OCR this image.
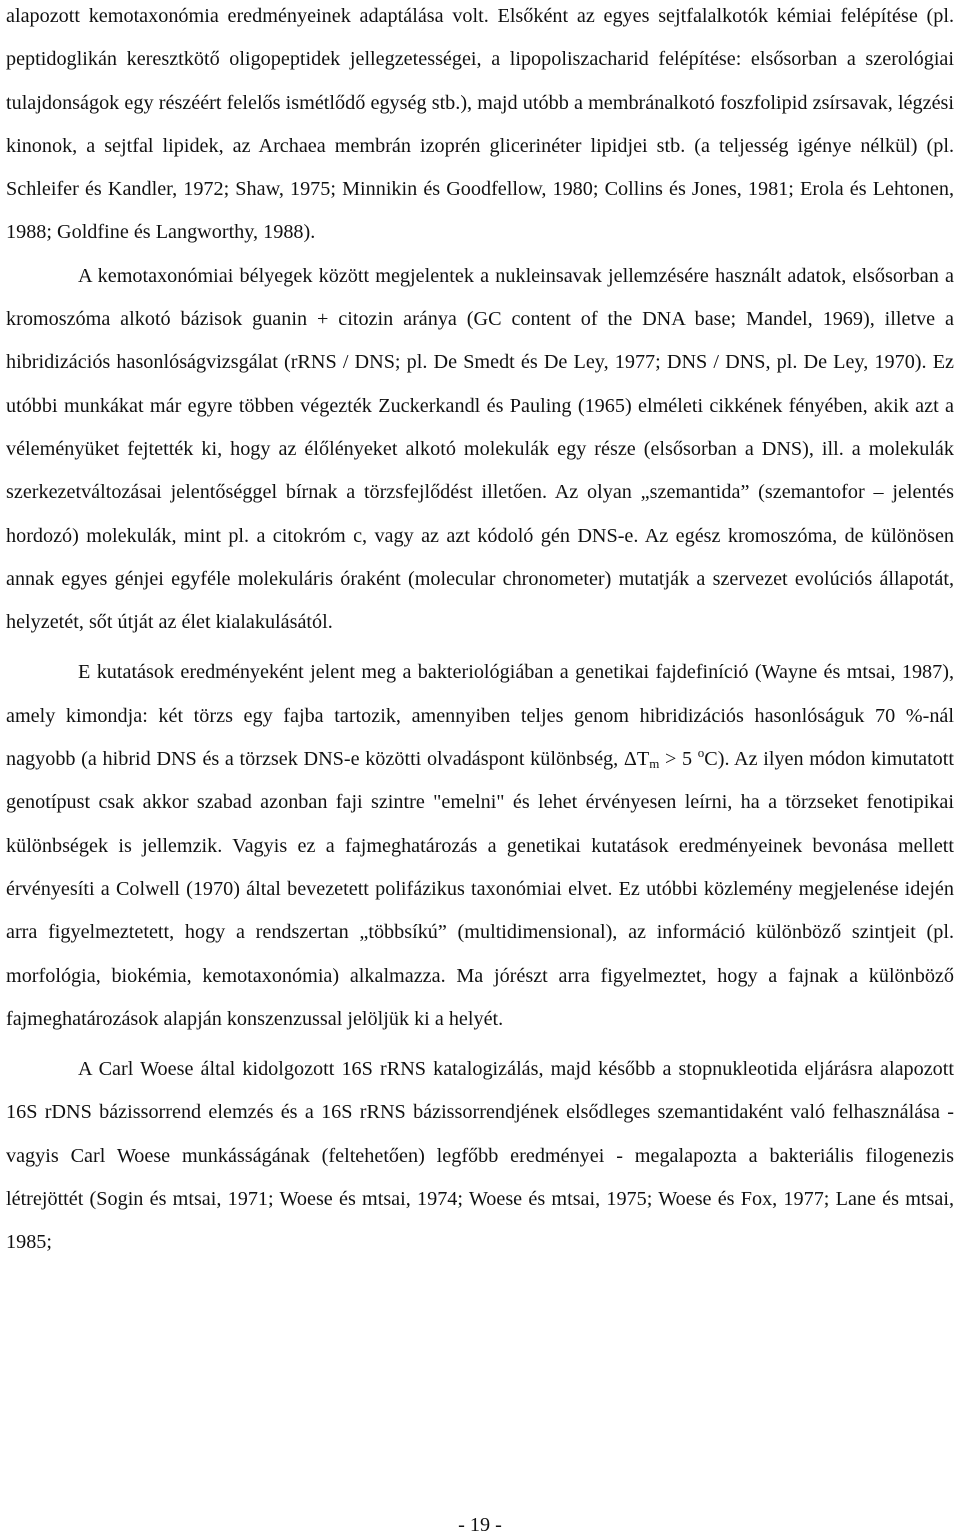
alapozott kemotaxonómia eredményeinek adaptálása volt. Elsőként az egyes sejtfalalkotók kémiai felépítése (pl. peptidoglikán keresztkötő oligopeptidek jellegzetességei, a lipopoliszacharid felépítése: elsősorban a szerológiai tulajdonságok egy részéért felelős ismétlődő egység stb.), majd utóbb a membránalkotó foszfolipid zsírsavak, légzési kinonok, a sejtfal lipidek, az Archaea membrán izoprén glicerinéter lipidjei stb. (a teljesség igénye nélkül) (pl. Schleifer és Kandler, 1972; Shaw, 1975; Minnikin és Goodfellow, 1980; Collins és Jones, 1981; Erola és Lehtonen, 1988; Goldfine és Langworthy, 1988).

A kemotaxonómiai bélyegek között megjelentek a nukleinsavak jellemzésére használt adatok, elsősorban a kromoszóma alkotó bázisok guanin + citozin aránya (GC content of the DNA base; Mandel, 1969), illetve a hibridizációs hasonlóságvizsgálat (rRNS / DNS; pl. De Smedt és De Ley, 1977; DNS / DNS, pl. De Ley, 1970). Ez utóbbi munkákat már egyre többen végezték Zuckerkandl és Pauling (1965) elméleti cikkének fényében, akik azt a véleményüket fejtették ki, hogy az élőlényeket alkotó molekulák egy része (elsősorban a DNS), ill. a molekulák szerkezetváltozásai jelentőséggel bírnak a törzsfejlődést illetően. Az olyan „szemantida” (szemantofor – jelentés hordozó) molekulák, mint pl. a citokróm c, vagy az azt kódoló gén DNS-e. Az egész kromoszóma, de különösen annak egyes génjei egyféle molekuláris óraként (molecular chronometer) mutatják a szervezet evolúciós állapotát, helyzetét, sőt útját az élet kialakulásától.

E kutatások eredményeként jelent meg a bakteriológiában a genetikai fajdefiníció (Wayne és mtsai, 1987), amely kimondja: két törzs egy fajba tartozik, amennyiben teljes genom hibridizációs hasonlóságuk 70 %-nál nagyobb (a hibrid DNS és a törzsek DNS-e közötti olvadáspont különbség, $\Delta T_m > 5$ $^o$C). Az ilyen módon kimutatott genotípust csak akkor szabad azonban faji szintre "emelni" és lehet érvényesen leírni, ha a törzseket fenotipikai különbségek is jellemzik. Vagyis ez a fajmeghatározás a genetikai kutatások eredményeinek bevonása mellett érvényesíti a Colwell (1970) által bevezetett polifázikus taxonómiai elvet. Ez utóbbi közlemény megjelenése idején arra figyelmeztetett, hogy a rendszertan „többsíkú” (multidimensional), az információ különböző szintjeit (pl. morfológia, biokémia, kemotaxonómia) alkalmazza. Ma jórészt arra figyelmeztet, hogy a fajnak a különböző fajmeghatározások alapján konszenzussal jelöljük ki a helyét.

A Carl Woese által kidolgozott 16S rRNS katalogizálás, majd később a stopnukleotida eljárásra alapozott 16S rDNS bázissorrend elemzés és a 16S rRNS bázissorrendjének elsődleges szemantidaként való felhasználása - vagyis Carl Woese munkásságának (feltehetően) legfőbb eredményei - megalapozta a bakteriális filogenezis létrejöttét (Sogin és mtsai, 1971; Woese és mtsai, 1974; Woese és mtsai, 1975; Woese és Fox, 1977; Lane és mtsai, 1985;

- 19 -
